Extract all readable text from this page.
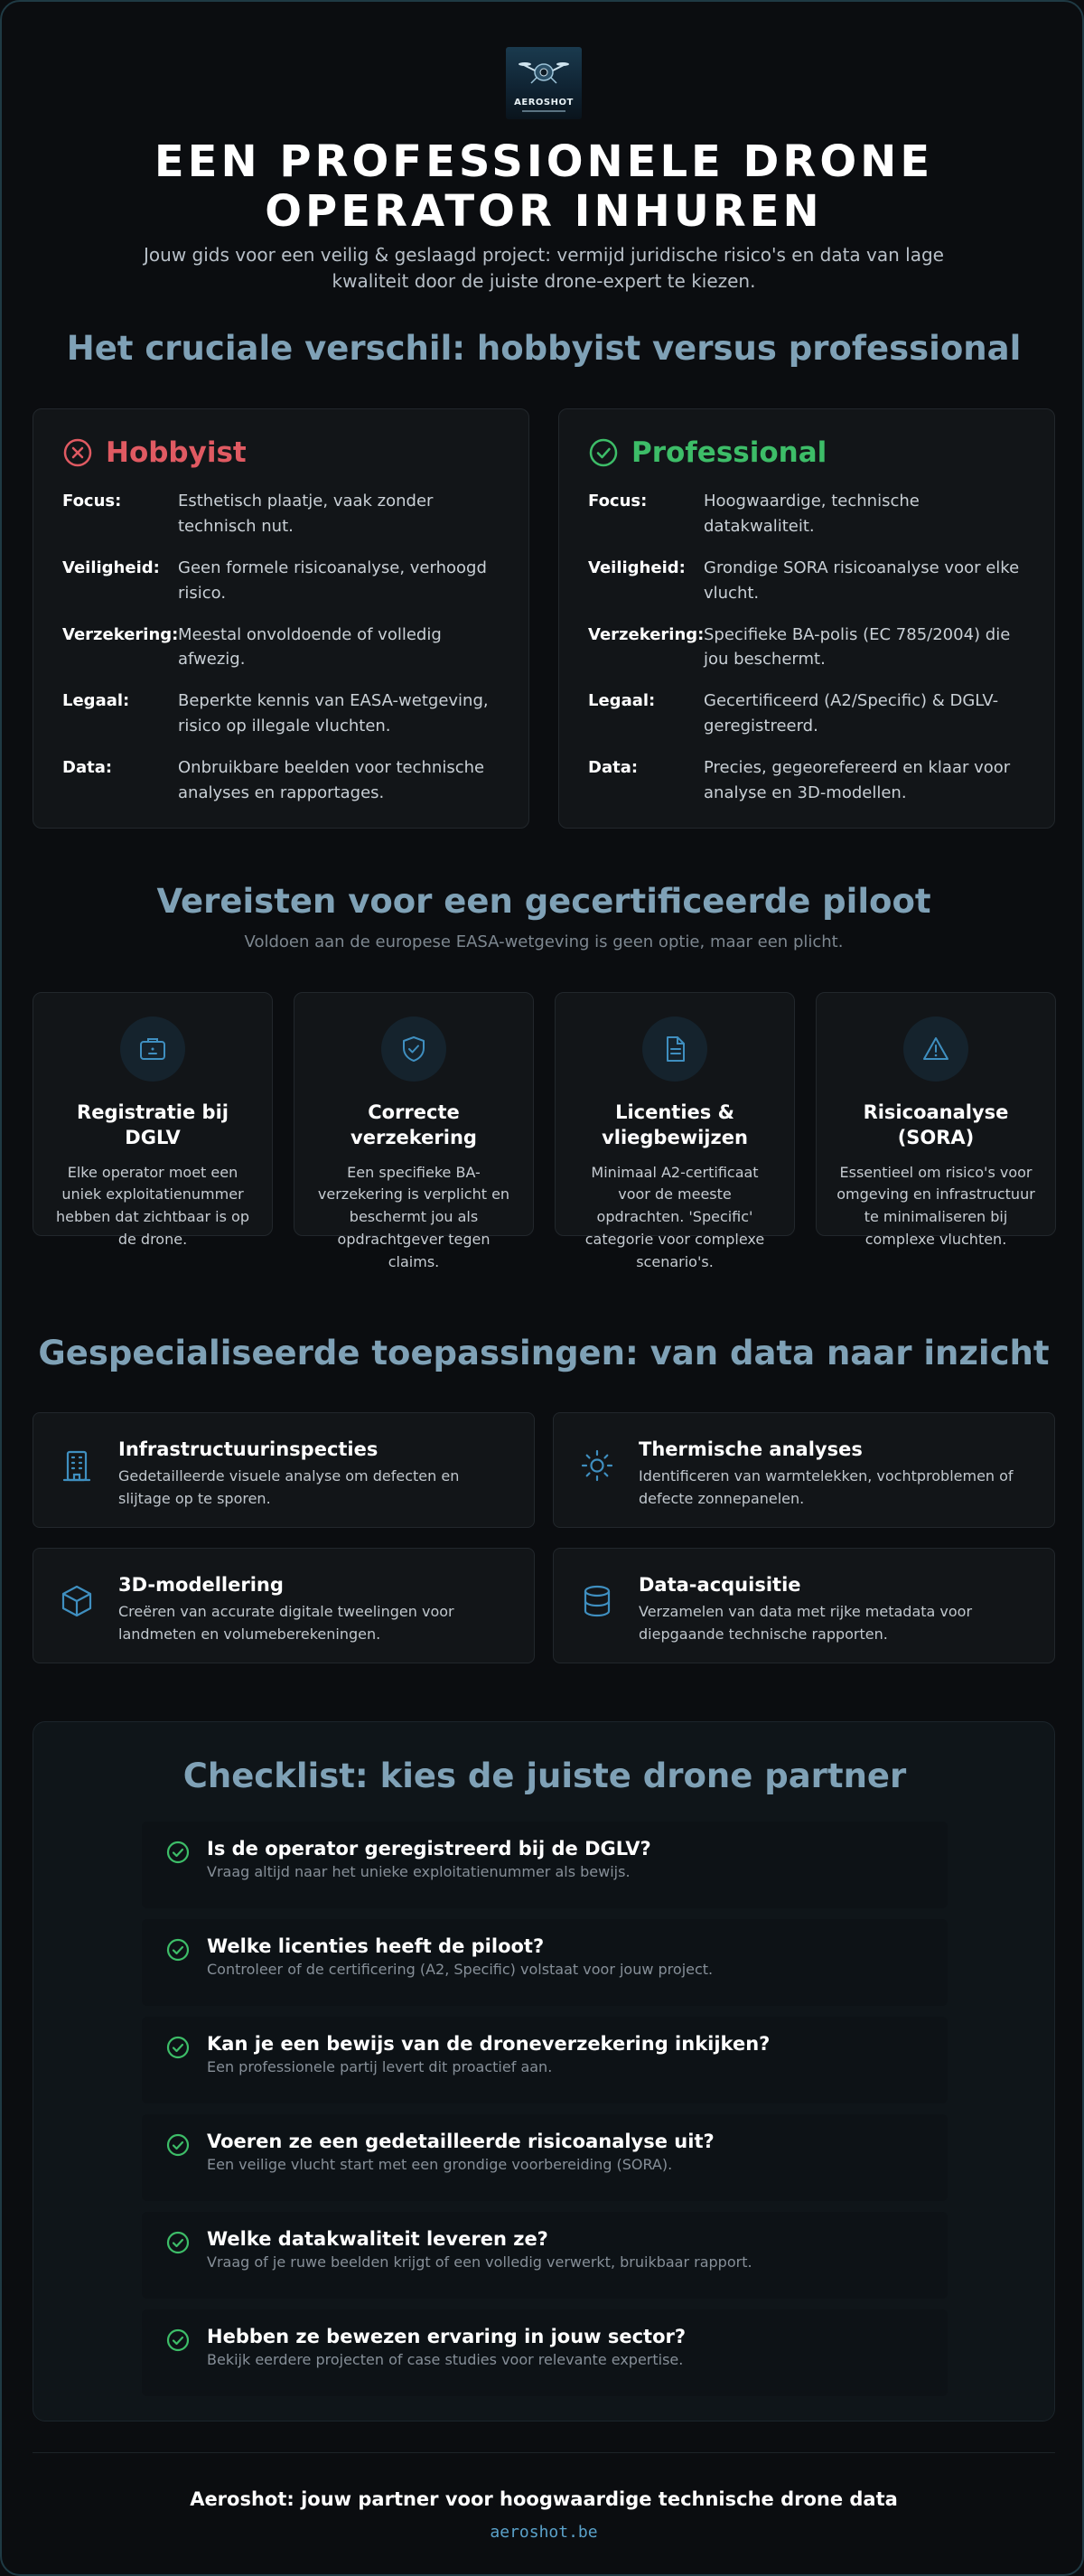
AEROSHOT
EEN PROFESSIONELE DRONE OPERATOR INHUREN

Jouw gids voor een veilig & geslaagd project: vermijd juridische risico's en data van lage kwaliteit door de juiste drone-expert te kiezen.

Het cruciale verschil: hobbyist versus professional
Hobbyist
Focus:	Esthetisch plaatje, vaak zonder technisch nut.
Veiligheid:	Geen formele risicoanalyse, verhoogd risico.
Verzekering: Meestal onvoldoende of volledig afwezig.
Legaal:	Beperkte kennis van EASA-wetgeving, risico op illegale vluchten.
Data:	Onbruikbare beelden voor technische analyses en rapportages.
Professional
Focus:	Hoogwaardige, technische datakwaliteit.
Veiligheid:	Grondige SORA risicoanalyse voor elke vlucht.
Verzekering: Specifieke BA-polis (EC 785/2004) die jou beschermt.
Legaal:	Gecertificeerd (A2/Specific) & DGLV-geregistreerd.
Data:	Precies, gegeorefereerd en klaar voor analyse en 3D-modellen.
Vereisten voor een gecertificeerde piloot

Voldoen aan de europese EASA-wetgeving is geen optie, maar een plicht.

Registratie bij DGLV
Elke operator moet een uniek exploitatienummer hebben dat zichtbaar is op de drone.
Correcte verzekering
Een specifieke BA-verzekering is verplicht en beschermt jou als opdrachtgever tegen claims.
Licenties & vliegbewijzen
Minimaal A2-certificaat voor de meeste opdrachten. 'Specific' categorie voor complexe scenario's.
Risicoanalyse (SORA)
Essentieel om risico's voor omgeving en infrastructuur te minimaliseren bij complexe vluchten.
Gespecialiseerde toepassingen: van data naar inzicht
Infrastructuurinspecties
Gedetailleerde visuele analyse om defecten en slijtage op te sporen.
Thermische analyses
Identificeren van warmtelekken, vochtproblemen of defecte zonnepanelen.
3D-modellering
Creëren van accurate digitale tweelingen voor landmeten en volumeberekeningen.
Data-acquisitie
Verzamelen van data met rijke metadata voor diepgaande technische rapporten.
Checklist: kies de juiste drone partner
Is de operator geregistreerd bij de DGLV?
Vraag altijd naar het unieke exploitatienummer als bewijs.
Welke licenties heeft de piloot?
Controleer of de certificering (A2, Specific) volstaat voor jouw project.
Kan je een bewijs van de droneverzekering inkijken?
Een professionele partij levert dit proactief aan.
Voeren ze een gedetailleerde risicoanalyse uit?
Een veilige vlucht start met een grondige voorbereiding (SORA).
Welke datakwaliteit leveren ze?
Vraag of je ruwe beelden krijgt of een volledig verwerkt, bruikbaar rapport.
Hebben ze bewezen ervaring in jouw sector?
Bekijk eerdere projecten of case studies voor relevante expertise.
Aeroshot: jouw partner voor hoogwaardige technische drone data
aeroshot.be
